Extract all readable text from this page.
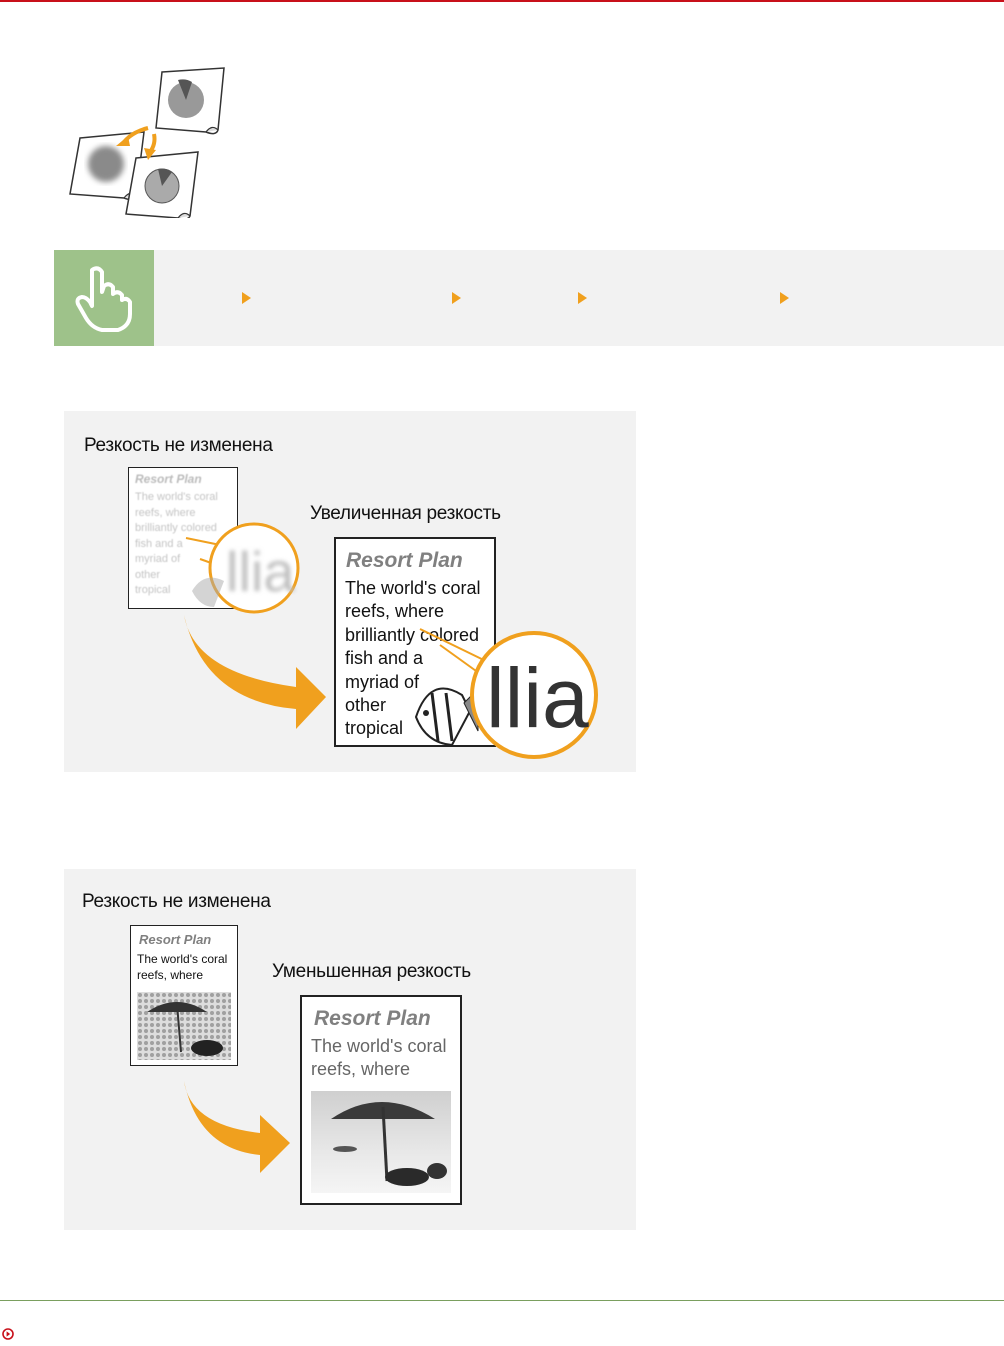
Резкость не изменена
Увеличенная резкость
Resort Plan
The world's coral
reefs, where
brilliantly colored
fish and a
myriad of
other
tropical
Resort Plan
The world's coral
reefs, where
brilliantly colored
fish and a
myriad of
other
tropical
llia
llia
Резкость не изменена
Уменьшенная резкость
Resort Plan
The world's coral
reefs, where
Resort Plan
The world's coral
reefs, where
